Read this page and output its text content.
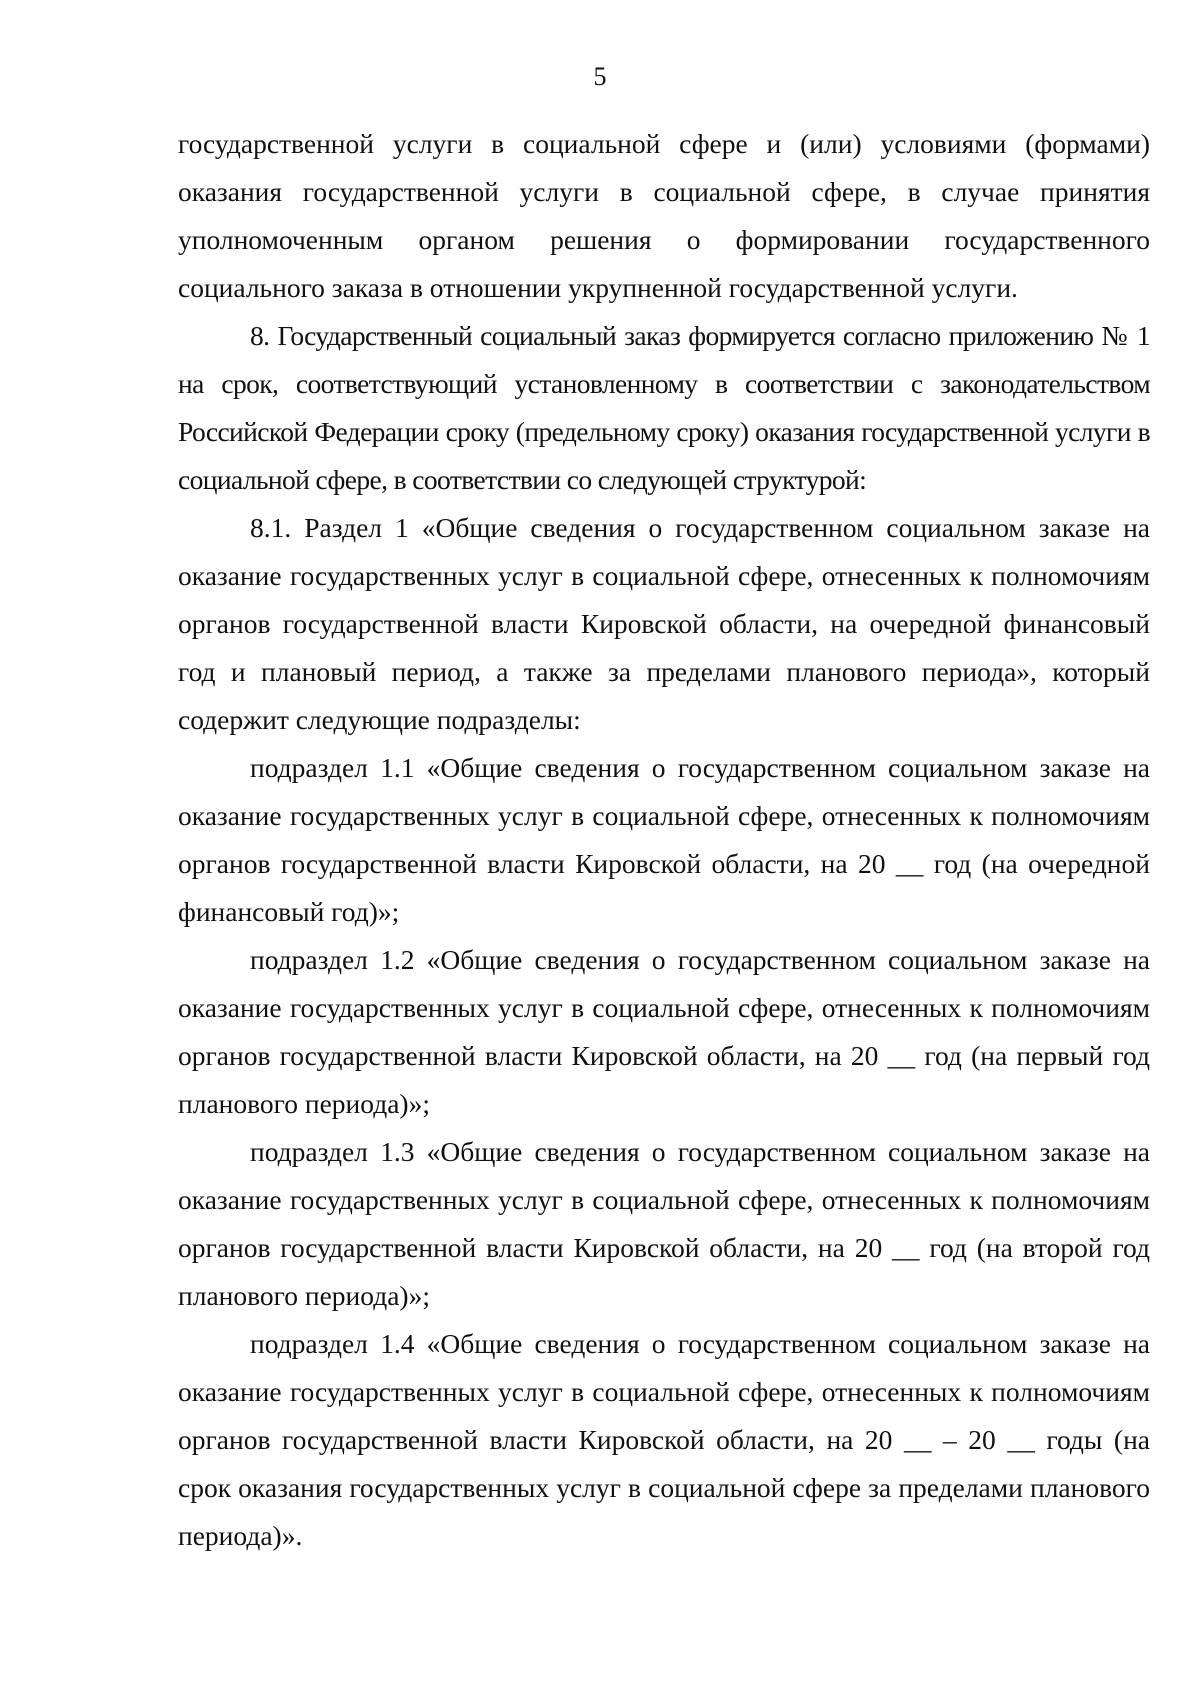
5

государственной услуги в социальной сфере и (или) условиями (формами) оказания государственной услуги в социальной сфере, в случае принятия уполномоченным органом решения о формировании государственного социального заказа в отношении укрупненной государственной услуги.

8. Государственный социальный заказ формируется согласно приложению № 1 на срок, соответствующий установленному в соответствии с законодательством Российской Федерации сроку (предельному сроку) оказания государственной услуги в социальной сфере, в соответствии со следующей структурой:

8.1. Раздел 1 «Общие сведения о государственном социальном заказе на оказание государственных услуг в социальной сфере, отнесенных к полномочиям органов государственной власти Кировской области, на очередной финансовый год и плановый период, а также за пределами планового периода», который содержит следующие подразделы:

подраздел 1.1 «Общие сведения о государственном социальном заказе на оказание государственных услуг в социальной сфере, отнесенных к полномочиям органов государственной власти Кировской области, на 20 __ год (на очередной финансовый год)»;

подраздел 1.2 «Общие сведения о государственном социальном заказе на оказание государственных услуг в социальной сфере, отнесенных к полномочиям органов государственной власти Кировской области, на 20 __ год (на первый год планового периода)»;

подраздел 1.3 «Общие сведения о государственном социальном заказе на оказание государственных услуг в социальной сфере, отнесенных к полномочиям органов государственной власти Кировской области, на 20 __ год (на второй год планового периода)»;

подраздел 1.4 «Общие сведения о государственном социальном заказе на оказание государственных услуг в социальной сфере, отнесенных к полномочиям органов государственной власти Кировской области, на 20 __ – 20 __ годы (на срок оказания государственных услуг в социальной сфере за пределами планового периода)».
